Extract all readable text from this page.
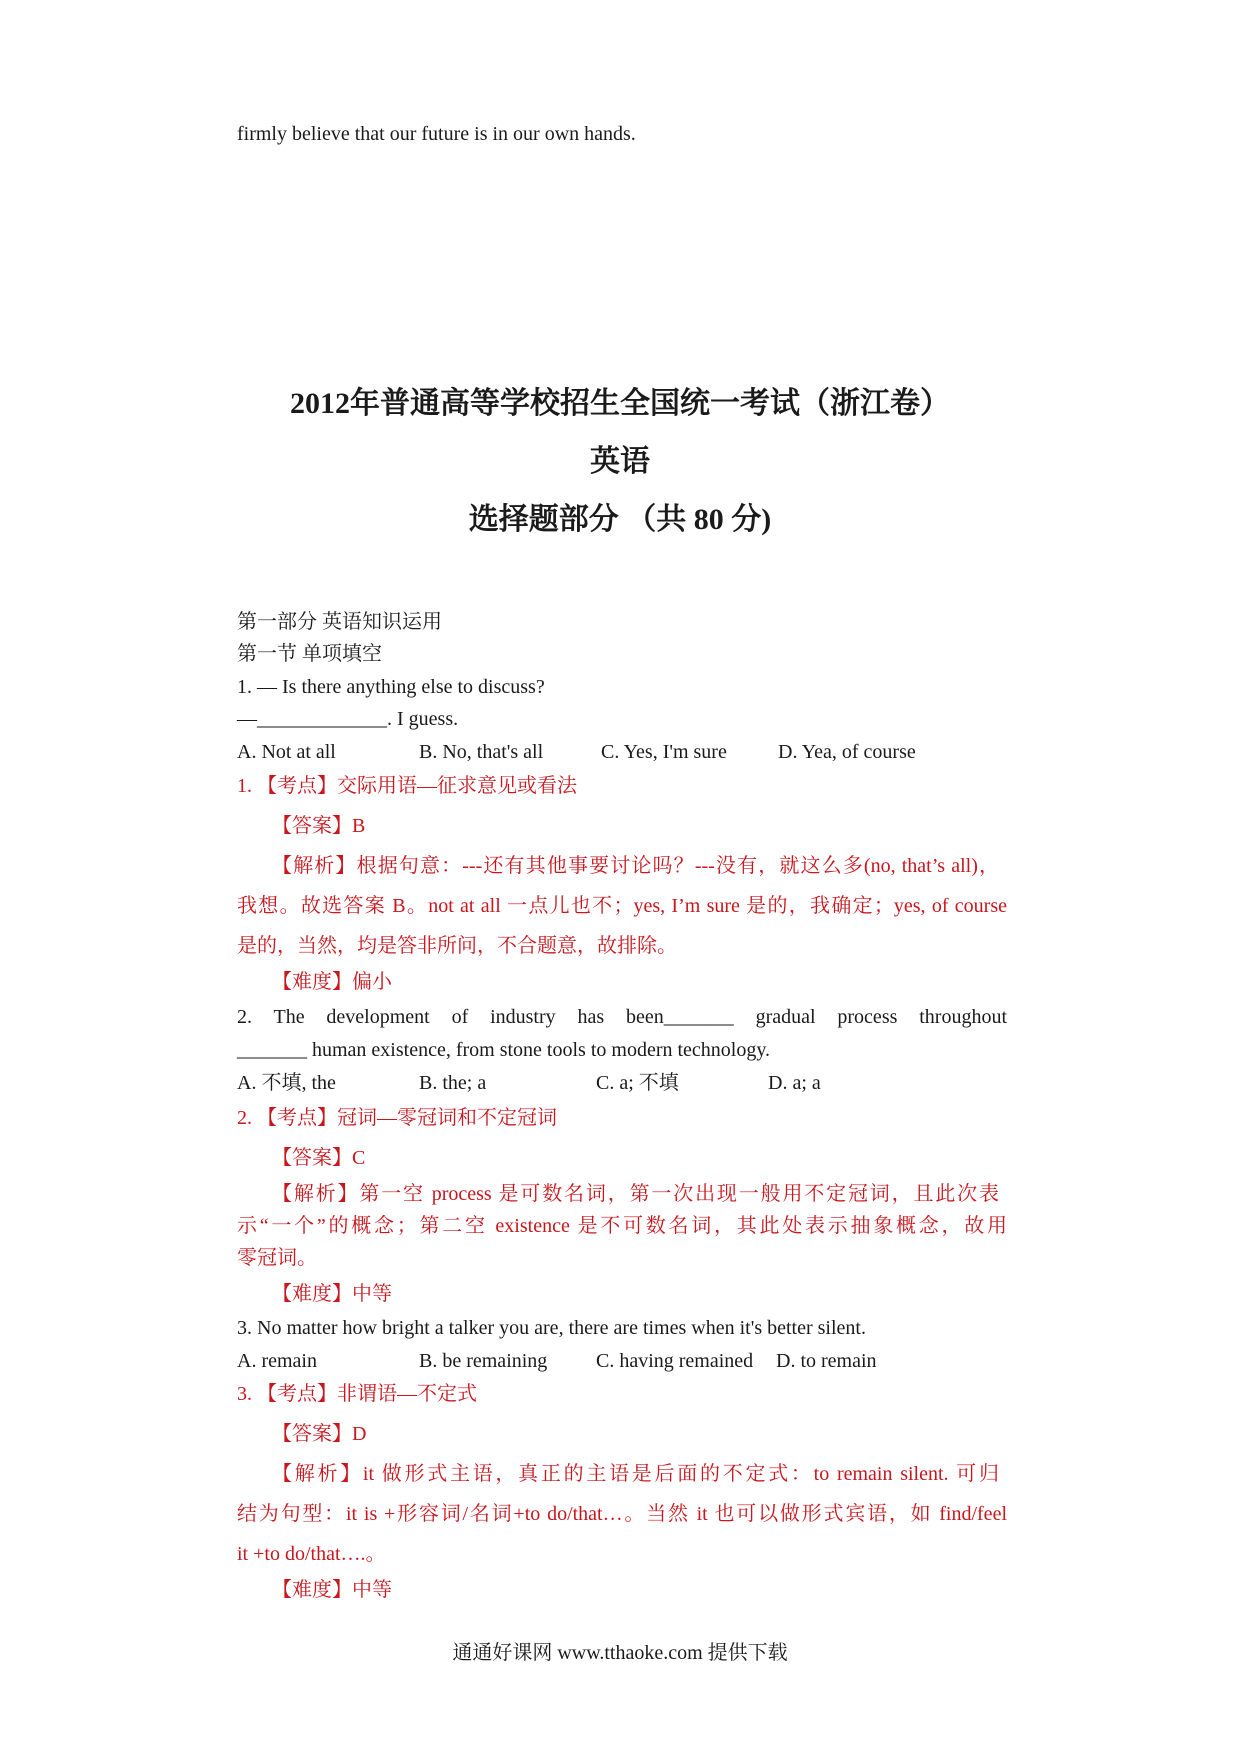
firmly believe that our future is in our own hands.
2012年普通高等学校招生全国统一考试（浙江卷）
英语
选择题部分 （共 80 分)
第一部分 英语知识运用
第一节 单项填空
1. — Is there anything else to discuss?
—_____________. I guess.
A. Not at all	B. No, that's all	C. Yes, I'm sure	D. Yea, of course
1. 【考点】交际用语—征求意见或看法
【答案】B
【解析】根据句意：---还有其他事要讨论吗？---没有，就这么多(no, that’s all)，
我想。故选答案 B。not at all 一点儿也不；yes, I’m sure 是的，我确定；yes, of course
是的，当然，均是答非所问，不合题意，故排除。
【难度】偏小
2. The development of industry has been_______ gradual process throughout
_______ human existence, from stone tools to modern technology.
A. 不填, the	B. the; a	C. a; 不填	D. a; a
2. 【考点】冠词—零冠词和不定冠词
【答案】C
【解析】第一空 process 是可数名词，第一次出现一般用不定冠词，且此次表
示“一个”的概念；第二空 existence 是不可数名词，其此处表示抽象概念，故用
零冠词。
【难度】中等
3. No matter how bright a talker you are, there are times when it's better silent.
A. remain	B. be remaining C. having remained D. to remain
3. 【考点】非谓语—不定式
【答案】D
【解析】it 做形式主语，真正的主语是后面的不定式：to remain silent. 可归
结为句型：it is +形容词/名词+to do/that…。当然 it 也可以做形式宾语，如 find/feel
it +to do/that….。
【难度】中等
通通好课网 www.tthaoke.com 提供下载
